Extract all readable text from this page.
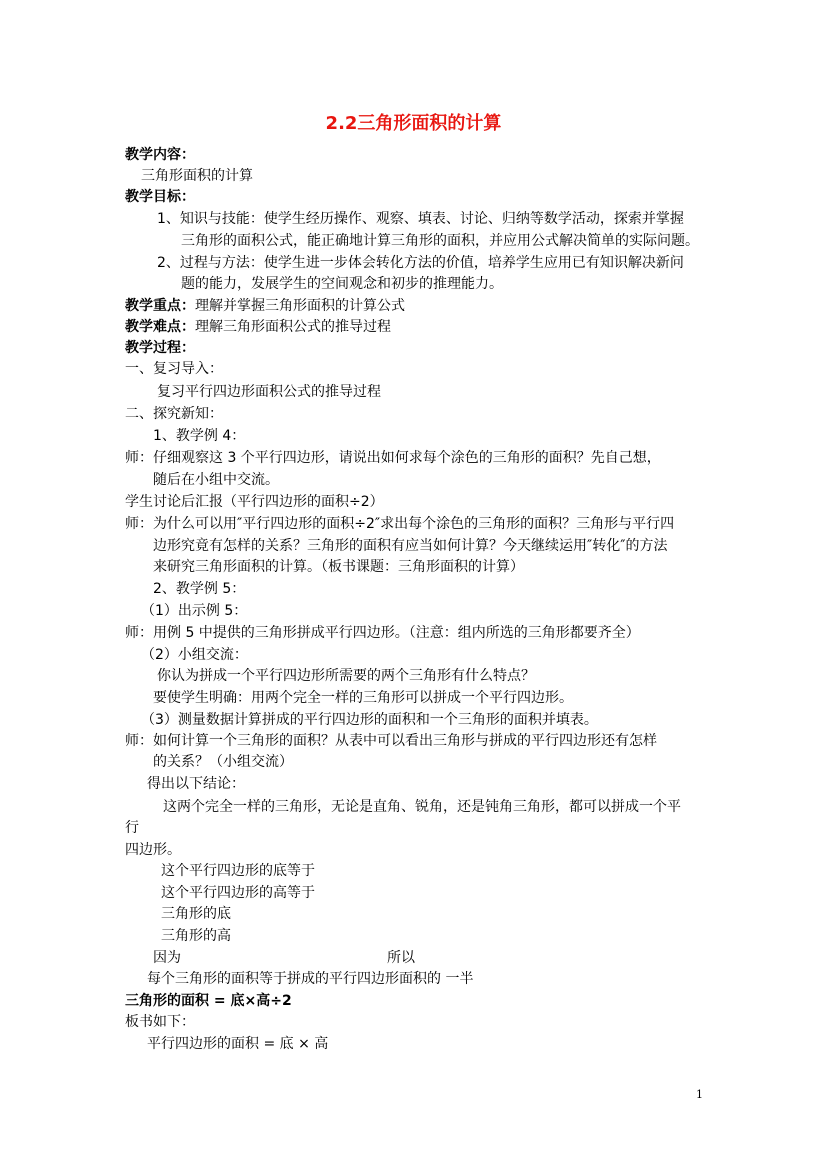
2.2三角形面积的计算
教学内容：
三角形面积的计算
教学目标：
1、知识与技能：使学生经历操作、观察、填表、讨论、归纳等数学活动，探索并掌握
三角形的面积公式，能正确地计算三角形的面积，并应用公式解决简单的实际问题。
2、过程与方法：使学生进一步体会转化方法的价值，培养学生应用已有知识解决新问
题的能力，发展学生的空间观念和初步的推理能力。
教学重点：理解并掌握三角形面积的计算公式
教学难点：理解三角形面积公式的推导过程
教学过程：
一、复习导入：
复习平行四边形面积公式的推导过程
二、探究新知：
1、教学例 4：
师：仔细观察这 3 个平行四边形，请说出如何求每个涂色的三角形的面积？先自己想，
随后在小组中交流。
学生讨论后汇报（平行四边形的面积÷2）
师：为什么可以用″平行四边形的面积÷2″求出每个涂色的三角形的面积？三角形与平行四
边形究竟有怎样的关系？三角形的面积有应当如何计算？今天继续运用″转化″的方法
来研究三角形面积的计算。（板书课题：三角形面积的计算）
2、教学例 5：
（1）出示例 5：
师：用例 5 中提供的三角形拼成平行四边形。（注意：组内所选的三角形都要齐全）
（2）小组交流：
你认为拼成一个平行四边形所需要的两个三角形有什么特点？
要使学生明确：用两个完全一样的三角形可以拼成一个平行四边形。
（3）测量数据计算拼成的平行四边形的面积和一个三角形的面积并填表。
师：如何计算一个三角形的面积？从表中可以看出三角形与拼成的平行四边形还有怎样
的关系？（小组交流）
得出以下结论：
这两个完全一样的三角形，无论是直角、锐角，还是钝角三角形，都可以拼成一个平
行
四边形。
这个平行四边形的底等于
这个平行四边形的高等于
三角形的底
三角形的高
因为	所以
每个三角形的面积等于拼成的平行四边形面积的 一半
三角形的面积 = 底×高÷2
板书如下：
平行四边形的面积 = 底 × 高
1
